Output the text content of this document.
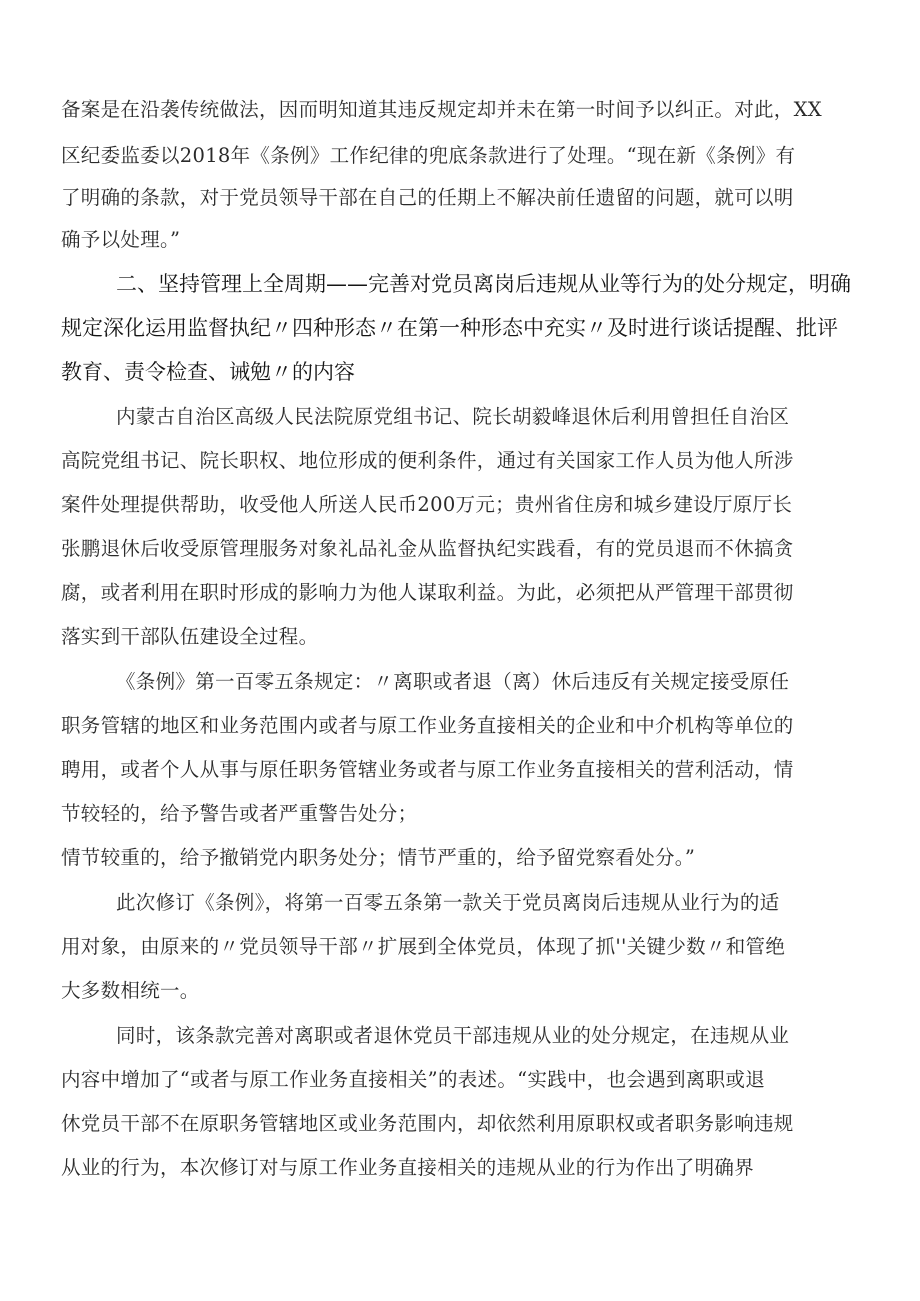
备案是在沿袭传统做法，因而明知道其违反规定却并未在第一时间予以纠正。对此，XX
区纪委监委以2018年《条例》工作纪律的兜底条款进行了处理。“现在新《条例》有
了明确的条款，对于党员领导干部在自己的任期上不解决前任遗留的问题，就可以明
确予以处理。”
二、坚持管理上全周期——完善对党员离岗后违规从业等行为的处分规定，明确
规定深化运用监督执纪〃四种形态〃在第一种形态中充实〃及时进行谈话提醒、批评
教育、责令检查、诫勉〃的内容
内蒙古自治区高级人民法院原党组书记、院长胡毅峰退休后利用曾担任自治区
高院党组书记、院长职权、地位形成的便利条件，通过有关国家工作人员为他人所涉
案件处理提供帮助，收受他人所送人民币200万元；贵州省住房和城乡建设厅原厅长
张鹏退休后收受原管理服务对象礼品礼金从监督执纪实践看，有的党员退而不休搞贪
腐，或者利用在职时形成的影响力为他人谋取利益。为此，必须把从严管理干部贯彻
落实到干部队伍建设全过程。
《条例》第一百零五条规定：〃离职或者退（离）休后违反有关规定接受原任
职务管辖的地区和业务范围内或者与原工作业务直接相关的企业和中介机构等单位的
聘用，或者个人从事与原任职务管辖业务或者与原工作业务直接相关的营利活动，情
节较轻的，给予警告或者严重警告处分；
情节较重的，给予撤销党内职务处分；情节严重的，给予留党察看处分。”
此次修订《条例》，将第一百零五条第一款关于党员离岗后违规从业行为的适
用对象，由原来的〃党员领导干部〃扩展到全体党员，体现了抓''关键少数〃和管绝
大多数相统一。
同时，该条款完善对离职或者退休党员干部违规从业的处分规定，在违规从业
内容中增加了“或者与原工作业务直接相关”的表述。“实践中，也会遇到离职或退
休党员干部不在原职务管辖地区或业务范围内，却依然利用原职权或者职务影响违规
从业的行为，本次修订对与原工作业务直接相关的违规从业的行为作出了明确界
